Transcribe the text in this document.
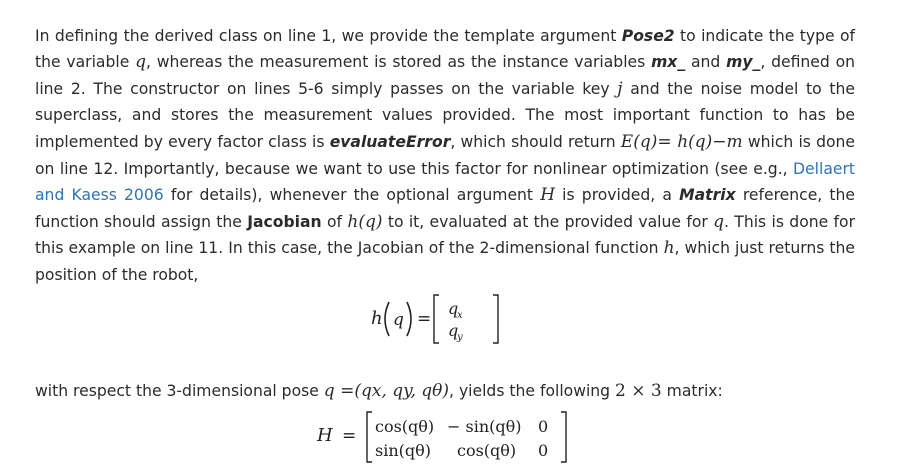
In defining the derived class on line 1, we provide the template argument Pose2 to indicate the type of the variable q, whereas the measurement is stored as the instance variables mx_ and my_, defined on line 2. The constructor on lines 5-6 simply passes on the variable key j and the noise model to the superclass, and stores the measurement values provided. The most important function to has be implemented by every factor class is evaluateError, which should return E(q)= h(q)−m which is done on line 12. Importantly, because we want to use this factor for nonlinear optimization (see e.g., Dellaert and Kaess 2006 for details), whenever the optional argument H is provided, a Matrix reference, the function should assign the Jacobian of h(q) to it, evaluated at the provided value for q. This is done for this example on line 11. In this case, the Jacobian of the 2-dimensional function h, which just returns the position of the robot,

h q =
q
x
q
y

with respect the 3-dimensional pose q =(qx, qy, qθ), yields the following 2 × 3 matrix:

H = cos(qθ) − sin(qθ) 0
sin(qθ) cos(qθ) 0
